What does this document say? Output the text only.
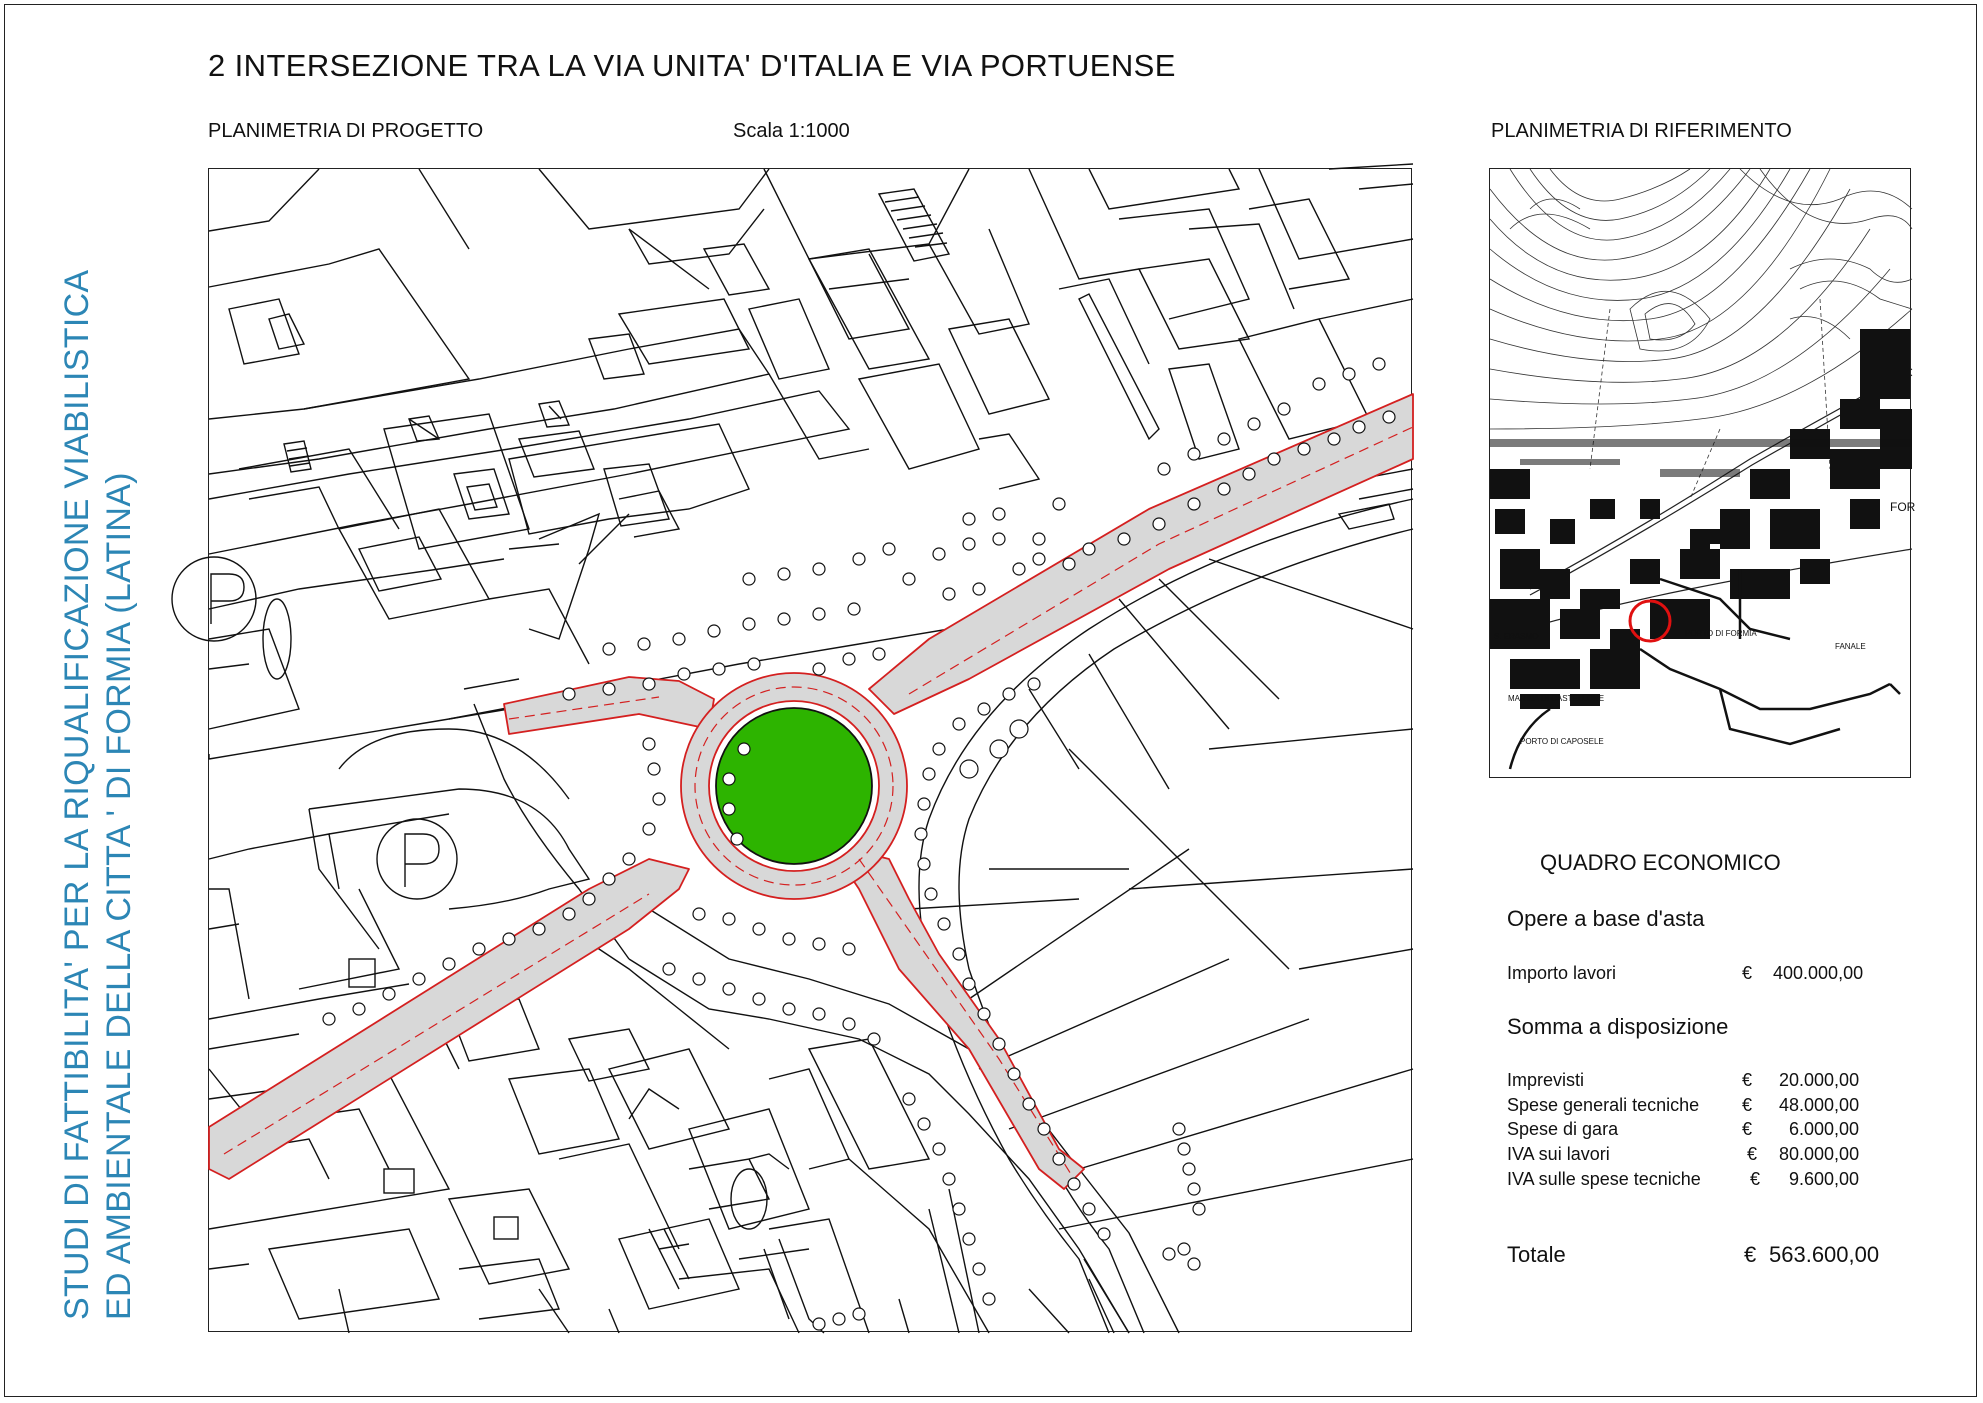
STUDI DI FATTIBILITA' PER LA RIQUALIFICAZIONE VIABILISTICA ED AMBIENTALE DELLA CITTA ' DI FORMIA (LATINA)
2 INTERSEZIONE TRA LA VIA UNITA' D'ITALIA E VIA PORTUENSE
PLANIMETRIA DI PROGETTO	Scala 1:1000	PLANIMETRIA DI RIFERIMENTO
PORTO DI FORMIA
MARINA DI CASTELLONE
PORTO DI CAPOSELE
FANALE
S. ERASMO
FOR
QUADRO ECONOMICO
Opere a base d'asta
Importo lavori	€ 400.000,00
Somma a disposizione
Imprevisti	€ 20.000,00
Spese generali tecniche € 48.000,00
Spese di gara	€ 6.000,00
IVA sui lavori	€ 80.000,00
IVA sulle spese tecniche	€ 9.600,00
Totale	€ 563.600,00
